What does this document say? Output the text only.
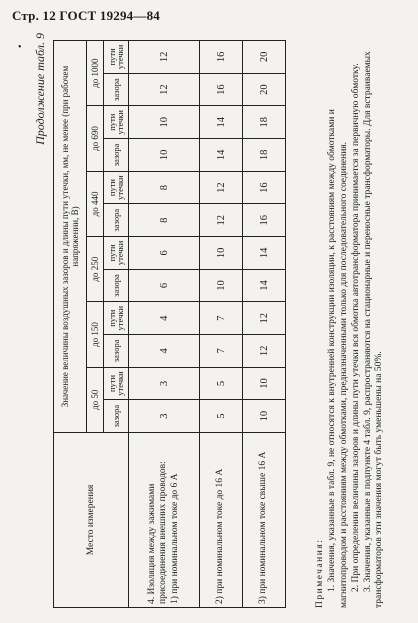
Стр. 12 ГОСТ 19294—84
• Продолжение табл. 9
Место измерения	Значение величины воздушных зазоров и длины пути утечки, мм, не менее (при рабочем напряжении, В)											
	до 50		до 150		до 250		до 440		до 690		до 1000	
	зазора	пути утечки	зазора	пути утечки	зазора	пути утечки	зазора	пути утечки	зазора	пути утечки	зазора	пути утечки

4. Изоляция между зажимами присоединения внешних проводов: 1) при номинальном токе до 6 А	3	3	4	4	6	6	8	8	10	10	12	12
2) при номинальном токе до 16 А	5	5	7	7	10	10	12	12	14	14	16	16
3) при номинальном токе свыше 16 А	10	10	12	12	14	14	16	16	18	18	20	20
Примечания: 1. Значения, указанные в табл. 9, не относятся к внутренней конструкции изоляции, к расстояниям между обмотками и магнитопроводом и расстояниям между обмотками, предназначенными только для последовательного соединения. 2. При определении величины зазоров и длины пути утечки вся обмотка автотрансформатора принимается за первичную обмотку. 3. Значения, указанные в подпункте 4 табл. 9, распространяются на стационарные и переносные трансформаторы. Для встраиваемых трансформаторов эти значения могут быть уменьшены на 50%.
